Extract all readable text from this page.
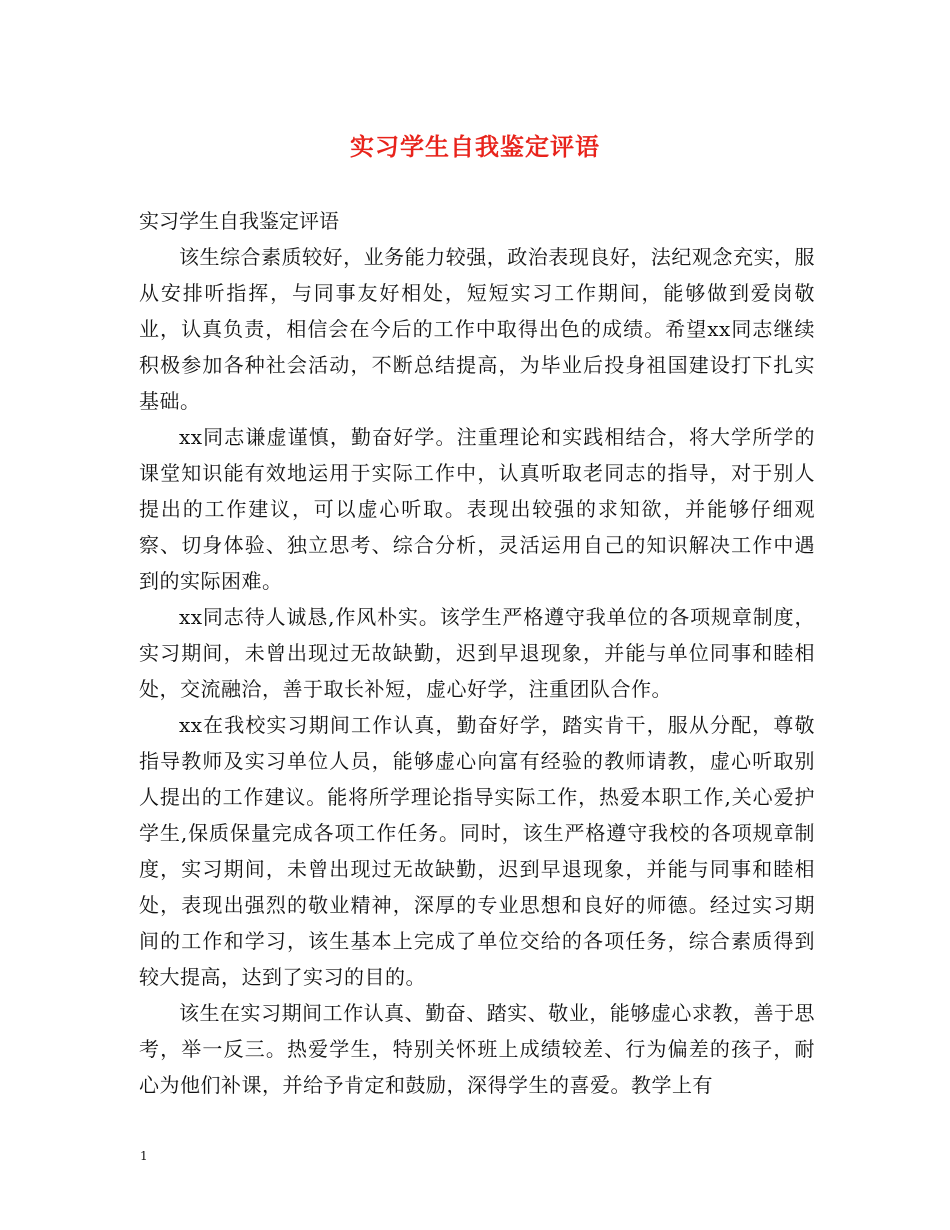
实习学生自我鉴定评语

实习学生自我鉴定评语

该生综合素质较好，业务能力较强，政治表现良好，法纪观念充实，服从安排听指挥，与同事友好相处，短短实习工作期间，能够做到爱岗敬业，认真负责，相信会在今后的工作中取得出色的成绩。希望xx同志继续积极参加各种社会活动，不断总结提高，为毕业后投身祖国建设打下扎实基础。

xx同志谦虚谨慎，勤奋好学。注重理论和实践相结合，将大学所学的课堂知识能有效地运用于实际工作中，认真听取老同志的指导，对于别人提出的工作建议，可以虚心听取。表现出较强的求知欲，并能够仔细观察、切身体验、独立思考、综合分析，灵活运用自己的知识解决工作中遇到的实际困难。

xx同志待人诚恳,作风朴实。该学生严格遵守我单位的各项规章制度，实习期间，未曾出现过无故缺勤，迟到早退现象，并能与单位同事和睦相处，交流融洽，善于取长补短，虚心好学，注重团队合作。

xx在我校实习期间工作认真，勤奋好学，踏实肯干，服从分配，尊敬指导教师及实习单位人员，能够虚心向富有经验的教师请教，虚心听取别人提出的工作建议。能将所学理论指导实际工作，热爱本职工作,关心爱护学生,保质保量完成各项工作任务。同时，该生严格遵守我校的各项规章制度，实习期间，未曾出现过无故缺勤，迟到早退现象，并能与同事和睦相处，表现出强烈的敬业精神，深厚的专业思想和良好的师德。经过实习期间的工作和学习，该生基本上完成了单位交给的各项任务，综合素质得到较大提高，达到了实习的目的。

该生在实习期间工作认真、勤奋、踏实、敬业，能够虚心求教，善于思考，举一反三。热爱学生，特别关怀班上成绩较差、行为偏差的孩子，耐心为他们补课，并给予肯定和鼓励，深得学生的喜爱。教学上有

1
